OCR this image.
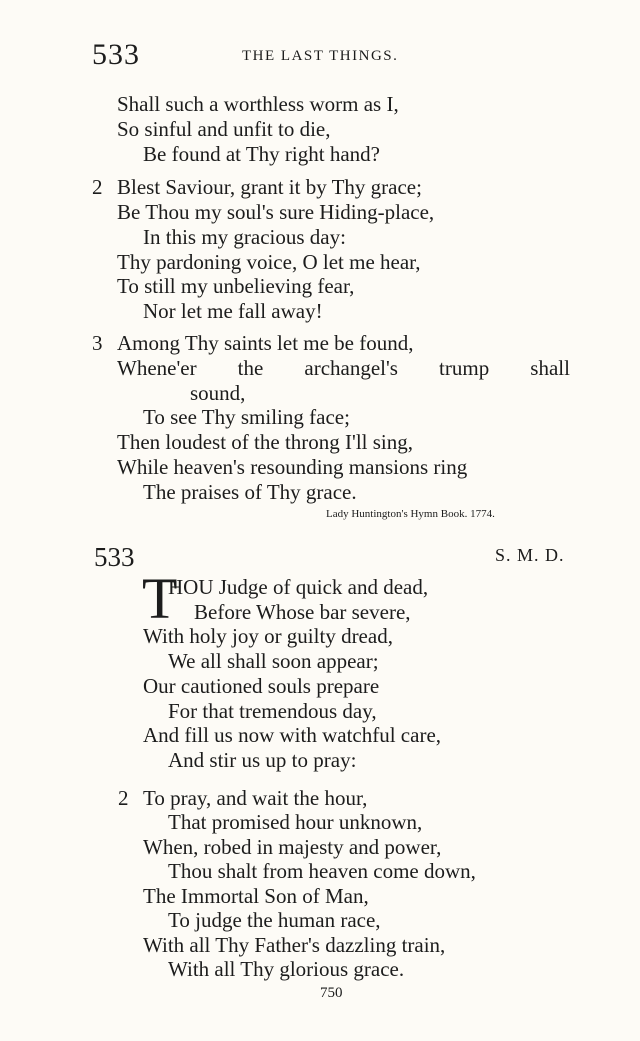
533	THE LAST THINGS.
Shall such a worthless worm as I,
So sinful and unfit to die,
Be found at Thy right hand?
2 Blest Saviour, grant it by Thy grace;
Be Thou my soul's sure Hiding-place,
In this my gracious day:
Thy pardoning voice, O let me hear,
To still my unbelieving fear,
Nor let me fall away!
3 Among Thy saints let me be found,
Whene'er the archangel's trump shall
sound,
To see Thy smiling face;
Then loudest of the throng I'll sing,
While heaven's resounding mansions ring
The praises of Thy grace.
Lady Huntington's Hymn Book. 1774.
533	S. M. D.
T
HOU Judge of quick and dead,
Before Whose bar severe,
With holy joy or guilty dread,
We all shall soon appear;
Our cautioned souls prepare
For that tremendous day,
And fill us now with watchful care,
And stir us up to pray:
2 To pray, and wait the hour,
That promised hour unknown,
When, robed in majesty and power,
Thou shalt from heaven come down,
The Immortal Son of Man,
To judge the human race,
With all Thy Father's dazzling train,
With all Thy glorious grace.
750
